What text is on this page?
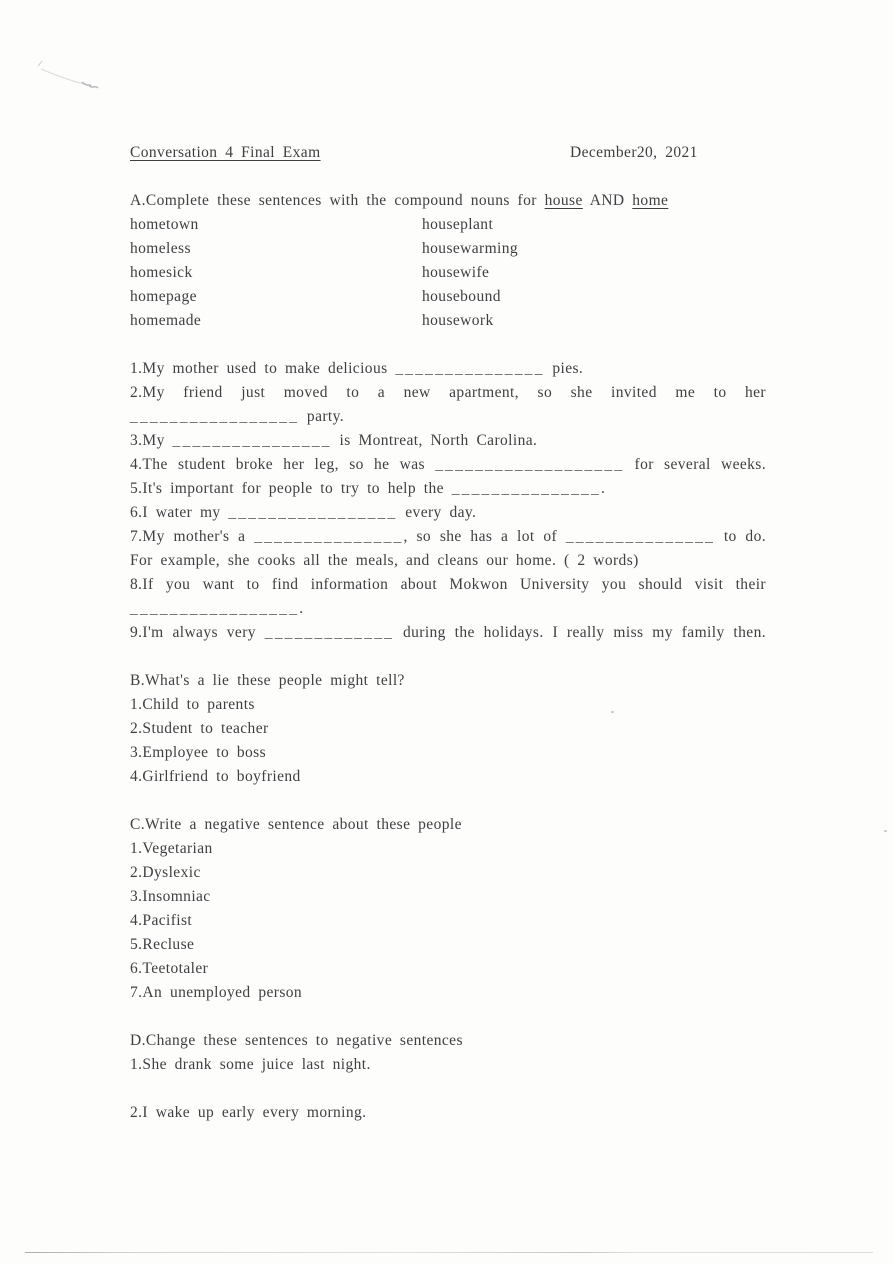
Conversation 4 Final Exam	December20, 2021
A.Complete these sentences with the compound nouns for house AND home
hometown	houseplant
homeless	housewarming
homesick	housewife
homepage	housebound
homemade	housework
1.My mother used to make delicious _______________ pies.
2.My friend just moved to a new apartment, so she invited me to her
_________________ party.
3.My ________________ is Montreat, North Carolina.
4.The student broke her leg, so he was ___________________ for several weeks.
5.It's important for people to try to help the _______________.
6.I water my _________________ every day.
7.My mother's a _______________, so she has a lot of _______________ to do.
For example, she cooks all the meals, and cleans our home. ( 2 words)
8.If you want to find information about Mokwon University you should visit their
_________________.
9.I'm always very _____________ during the holidays. I really miss my family then.
B.What's a lie these people might tell?
1.Child to parents
2.Student to teacher
3.Employee to boss
4.Girlfriend to boyfriend
C.Write a negative sentence about these people
1.Vegetarian
2.Dyslexic
3.Insomniac
4.Pacifist
5.Recluse
6.Teetotaler
7.An unemployed person
D.Change these sentences to negative sentences
1.She drank some juice last night.
2.I wake up early every morning.
